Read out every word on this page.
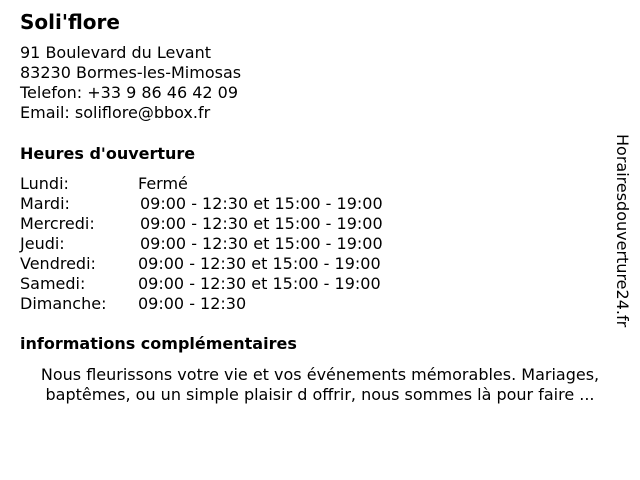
Soli'flore
91 Boulevard du Levant
83230 Bormes-les-Mimosas
Telefon: +33 9 86 46 42 09
Email: soliflore@bbox.fr
Heures d'ouverture
Lundi:	Fermé
Mardi:	09:00 - 12:30 et 15:00 - 19:00
Mercredi:	09:00 - 12:30 et 15:00 - 19:00
Jeudi:	09:00 - 12:30 et 15:00 - 19:00
Vendredi:	09:00 - 12:30 et 15:00 - 19:00
Samedi:	09:00 - 12:30 et 15:00 - 19:00
Dimanche: 09:00 - 12:30
informations complémentaires
Nous fleurissons votre vie et vos événements mémorables. Mariages,
baptêmes, ou un simple plaisir d offrir, nous sommes là pour faire ...
Horairesdouverture24.fr
